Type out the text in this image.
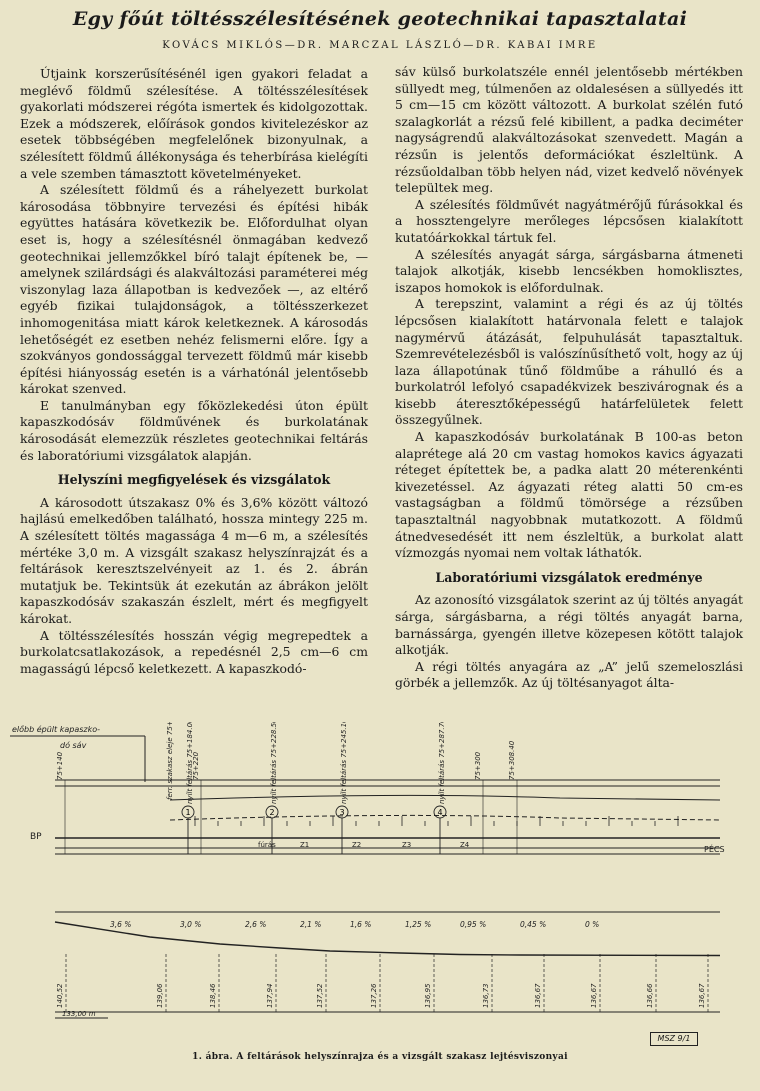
Egy főút töltésszélesítésének geotechnikai tapasztalatai
KOVÁCS MIKLÓS—DR. MARCZAL LÁSZLÓ—DR. KABAI IMRE

Útjaink korszerűsítésénél igen gyakori feladat a meglévő földmű szélesítése. A töltésszélesítések gyakorlati módszerei régóta ismertek és kidolgozottak. Ezek a módszerek, előírások gondos kivitelezéskor az esetek többségében megfelelőnek bizonyulnak, a szélesített földmű állékonysága és teherbírása kielégíti a vele szemben támasztott követelményeket.

A szélesített földmű és a ráhelyezett burkolat károsodása többnyire tervezési és építési hibák együttes hatására következik be. Előfordulhat olyan eset is, hogy a szélesítésnél önmagában kedvező geotechnikai jellemzőkkel bíró talajt építenek be, — amelynek szilárdsági és alakváltozási paraméterei még viszonylag laza állapotban is kedvezőek —, az eltérő egyéb fizikai tulajdonságok, a töltésszerkezet inhomogenitása miatt károk keletkeznek. A károsodás lehetőségét ez esetben nehéz felismerni előre. Így a szokványos gondossággal tervezett földmű már kisebb építési hiányosság esetén is a várhatónál jelentősebb károkat szenved.

E tanulmányban egy főközlekedési úton épült kapaszkodósáv földművének és burkolatának károsodását elemezzük részletes geotechnikai feltárás és laboratóriumi vizsgálatok alapján.

Helyszíni megfigyelések és vizsgálatok

A károsodott útszakasz 0% és 3,6% között változó hajlású emelkedőben található, hossza mintegy 225 m. A szélesített töltés magassága 4 m—6 m, a szélesítés mértéke 3,0 m. A vizsgált szakasz helyszínrajzát és a feltárások keresztszelvényeit az 1. és 2. ábrán mutatjuk be. Tekintsük át ezekután az ábrákon jelölt kapaszkodósáv szakaszán észlelt, mért és megfigyelt károkat.

A töltésszélesítés hosszán végig megrepedtek a burkolatcsatlakozások, a repedésnél 2,5 cm—6 cm magasságú lépcső keletkezett. A kapaszkodó-

sáv külső burkolatszéle ennél jelentősebb mértékben süllyedt meg, túlmenően az oldalesésen a süllyedés itt 5 cm—15 cm között változott. A burkolat szélén futó szalagkorlát a rézsű felé kibillent, a padka deciméter nagyságrendű alakváltozásokat szenvedett. Magán a rézsűn is jelentős deformációkat észleltünk. A rézsűoldalban több helyen nád, vizet kedvelő növények települtek meg.

A szélesítés földművét nagyátmérőjű fúrásokkal és a hossztengelyre merőleges lépcsősen kialakított kutatóárkokkal tártuk fel.

A szélesítés anyagát sárga, sárgásbarna átmeneti talajok alkotják, kisebb lencsékben homoklisztes, iszapos homokok is előfordulnak.

A terepszint, valamint a régi és az új töltés lépcsősen kialakított határvonala felett e talajok nagymérvű átázását, felpuhulását tapasztaltuk. Szemrevételezésből is valószínűsíthető volt, hogy az új laza állapotúnak tűnő földműbe a ráhulló és a burkolatról lefolyó csapadékvizek beszivárognak és a kisebb áteresztőképességű határfelületek felett összegyűlnek.

A kapaszkodósáv burkolatának B 100-as beton alaprétege alá 20 cm vastag homokos kavics ágyazati réteget építettek be, a padka alatt 20 méterenkénti kivezetéssel. Az ágyazati réteg alatti 50 cm-es vastagságban a földmű tömörsége a rézsűben tapasztaltnál nagyobbnak mutatkozott. A földmű átnedvesedését itt nem észleltük, a burkolat alatt vízmozgás nyomai nem voltak láthatók.

Laboratóriumi vizsgálatok eredménye

Az azonosító vizsgálatok szerint az új töltés anyagát sárga, sárgásbarna, a régi töltés anyagát barna, barnássárga, gyengén illetve közepesen kötött talajok alkotják.

A régi töltés anyagára az „A” jelű szemeloszlási görbék a jellemzők. Az új töltésanyagot álta-

1	2	3	4
előbb épült kapaszko-
dó sáv
BP
PÉCS
133,00 m
75+140	75+220	75+300	75+308.40
ferr. szakasz eleje 75+175 nyílt feltárás 75+184.00	nyílt feltárás 75+228.50	nyílt feltárás 75+245.10	nyílt feltárás 75+287.70
fúrás	Z1	Z2	Z3	Z4
3,6 %	3,0 %	2,6 %	2,1 %	1,6 %	1,25 %	0,95 %	0,45 %	0 %
140,52	139,06	138,46	137,94	137,52	137,26	136,95	136,73	136,67	136,67	136,66	136,67
MSZ 9/1
1. ábra. A feltárások helyszínrajza és a vizsgált szakasz lejtésviszonyai
